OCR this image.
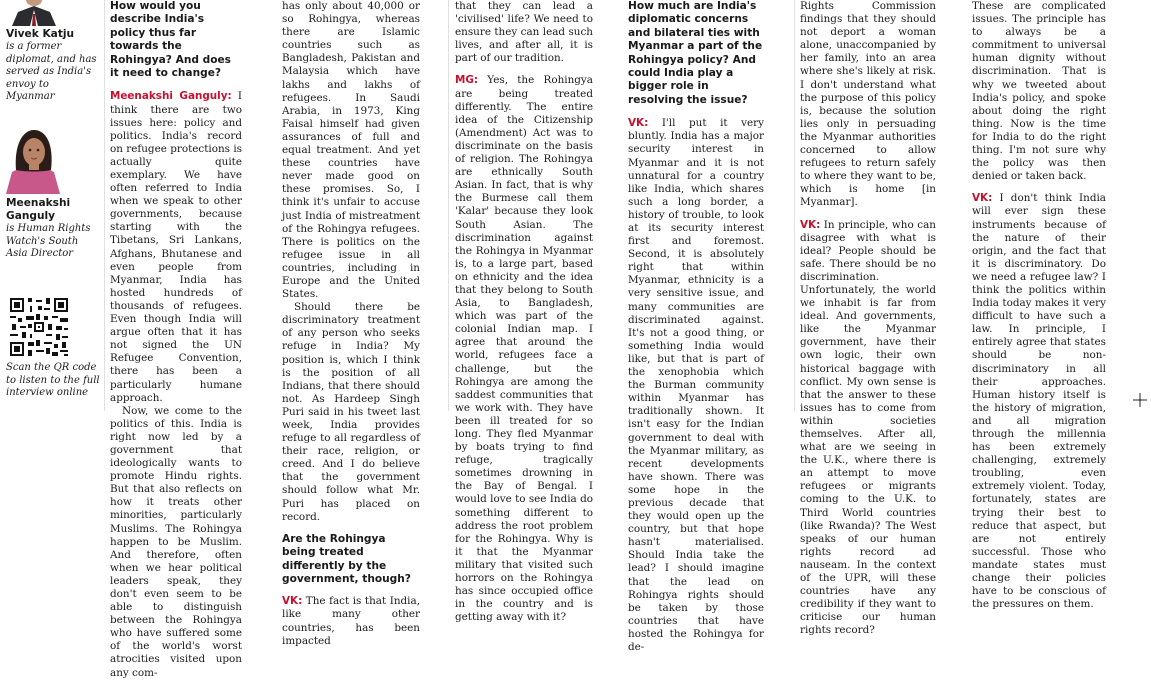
Vivek Katju
is a former diplomat, and has served as India's envoy to Myanmar
Meenakshi Ganguly
is Human Rights Watch's South Asia Director
Scan the QR code to listen to the full interview online
How would you describe India's policy thus far towards the Rohingya? And does it need to change?

Meenakshi Ganguly: I think there are two issues here: policy and politics. India's record on refugee protections is actually quite exemplary. We have often referred to India when we speak to other governments, because starting with the Tibetans, Sri Lankans, Afghans, Bhutanese and even people from Myanmar, India has hosted hundreds of thousands of refugees. Even though India will argue often that it has not signed the UN Refugee Convention, there has been a particularly humane approach.

Now, we come to the politics of this. India is right now led by a government that ideologically wants to promote Hindu rights. But that also reflects on how it treats other minorities, particularly Muslims. The Rohingya happen to be Muslim. And therefore, often when we hear political leaders speak, they don't even seem to be able to distinguish between the Rohingya who have suffered some of the world's worst atrocities visited upon any com-

has only about 40,000 or so Rohingya, whereas there are Islamic countries such as Bangladesh, Pakistan and Malaysia which have lakhs and lakhs of refugees. In Saudi Arabia, in 1973, King Faisal himself had given assurances of full and equal treatment. And yet these countries have never made good on these promises. So, I think it's unfair to accuse just India of mistreatment of the Rohingya refugees. There is politics on the refugee issue in all countries, including in Europe and the United States.

Should there be discriminatory treatment of any person who seeks refuge in India? My position is, which I think is the position of all Indians, that there should not. As Hardeep Singh Puri said in his tweet last week, India provides refuge to all regardless of their race, religion, or creed. And I do believe that the government should follow what Mr. Puri has placed on record.

Are the Rohingya being treated differently by the government, though?

VK: The fact is that India, like many other countries, has been impacted

that they can lead a 'civilised' life? We need to ensure they can lead such lives, and after all, it is part of our tradition.

MG: Yes, the Rohingya are being treated differently. The entire idea of the Citizenship (Amendment) Act was to discriminate on the basis of religion. The Rohingya are ethnically South Asian. In fact, that is why the Burmese call them 'Kalar' because they look South Asian. The discrimination against the Rohingya in Myanmar is, to a large part, based on ethnicity and the idea that they belong to South Asia, to Bangladesh, which was part of the colonial Indian map. I agree that around the world, refugees face a challenge, but the Rohingya are among the saddest communities that we work with. They have been ill treated for so long. They fled Myanmar by boats trying to find refuge, tragically sometimes drowning in the Bay of Bengal. I would love to see India do something different to address the root problem for the Rohingya. Why is it that the Myanmar military that visited such horrors on the Rohingya has since occupied office in the country and is getting away with it?

How much are India's diplomatic concerns and bilateral ties with Myanmar a part of the Rohingya policy? And could India play a bigger role in resolving the issue?

VK: I'll put it very bluntly. India has a major security interest in Myanmar and it is not unnatural for a country like India, which shares such a long border, a history of trouble, to look at its security interest first and foremost. Second, it is absolutely right that within Myanmar, ethnicity is a very sensitive issue, and many communities are discriminated against. It's not a good thing, or something India would like, but that is part of the xenophobia which the Burman community within Myanmar has traditionally shown. It isn't easy for the Indian government to deal with the Myanmar military, as recent developments have shown. There was some hope in the previous decade that they would open up the country, but that hope hasn't materialised. Should India take the lead? I should imagine that the lead on Rohingya rights should be taken by those countries that have hosted the Rohingya for de-

Rights Commission findings that they should not deport a woman alone, unaccompanied by her family, into an area where she's likely at risk. I don't understand what the purpose of this policy is, because the solution lies only in persuading the Myanmar authorities concerned to allow refugees to return safely to where they want to be, which is home [in Myanmar].

VK: In principle, who can disagree with what is ideal? People should be safe. There should be no discrimination. Unfortunately, the world we inhabit is far from ideal. And governments, like the Myanmar government, have their own logic, their own historical baggage with conflict. My own sense is that the answer to these issues has to come from within societies themselves. After all, what are we seeing in the U.K., where there is an attempt to move refugees or migrants coming to the U.K. to Third World countries (like Rwanda)? The West speaks of our human rights record ad nauseam. In the context of the UPR, will these countries have any credibility if they want to criticise our human rights record?

These are complicated issues. The principle has to always be a commitment to universal human dignity without discrimination. That is why we tweeted about India's policy, and spoke about doing the right thing. Now is the time for India to do the right thing. I'm not sure why the policy was then denied or taken back.

VK: I don't think India will ever sign these instruments because of the nature of their origin, and the fact that it is discriminatory. Do we need a refugee law? I think the politics within India today makes it very difficult to have such a law. In principle, I entirely agree that states should be non-discriminatory in all their approaches. Human history itself is the history of migration, and all migration through the millennia has been extremely challenging, extremely troubling, even extremely violent. Today, fortunately, states are trying their best to reduce that aspect, but are not entirely successful. Those who mandate states must change their policies have to be conscious of the pressures on them.
